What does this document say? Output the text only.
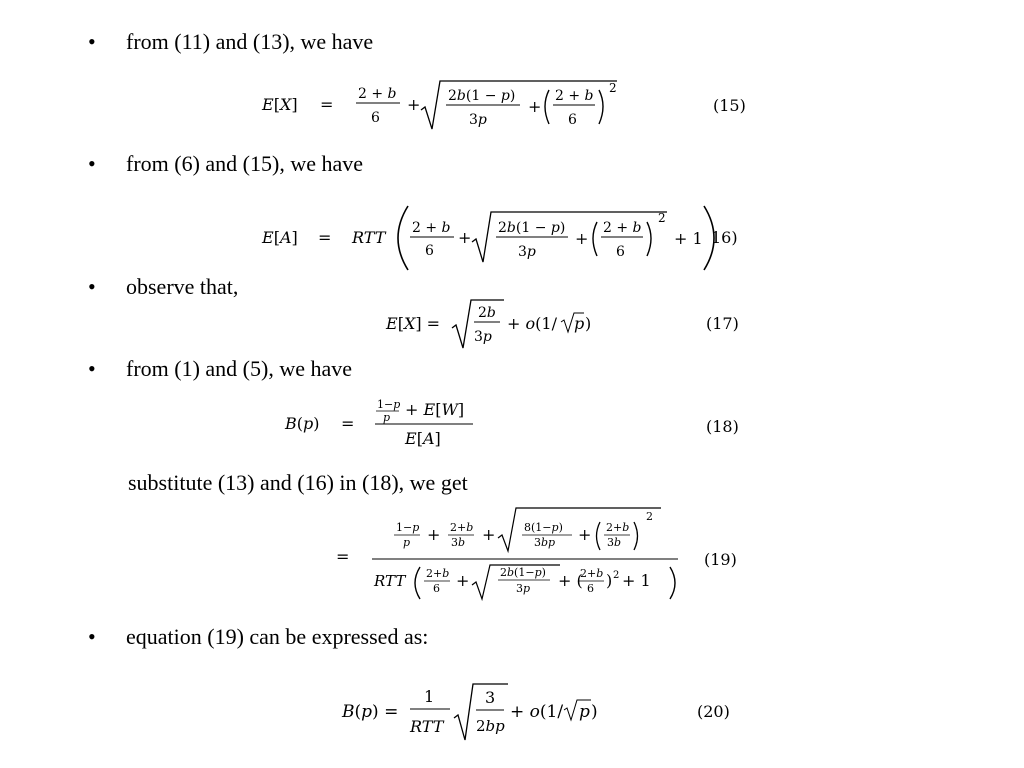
• from (11) and (13), we have
E[X] =
2 + b
6
+ 2b(1 − p)
3p
+
2 + b
6
2
(15)
• from (6) and (15), we have
E[A] = RTT 2 + b
6
+ 2b(1 − p)
3p
+
2 + b
6
2
+ 1 16)
• observe that,
E[X] =
2b
3p
+ o(1/ p )	(17)
• from (1) and (5), we have
B(p) =
1−p
p + E[W]
E[A]
(18)
substitute (13) and (16) in (18), we get
=
1−p
p + 2+b
3b +	8(1−p)
3bp + 2+b
3b
2
RTT 2+b
6 +	2b(1−p)
3p + (
2+b
6 ) 2 + 1
(19)
• equation (19) can be expressed as:
B(p) =
1
RTT
3
2bp
+ o(1/ p )	(20)
